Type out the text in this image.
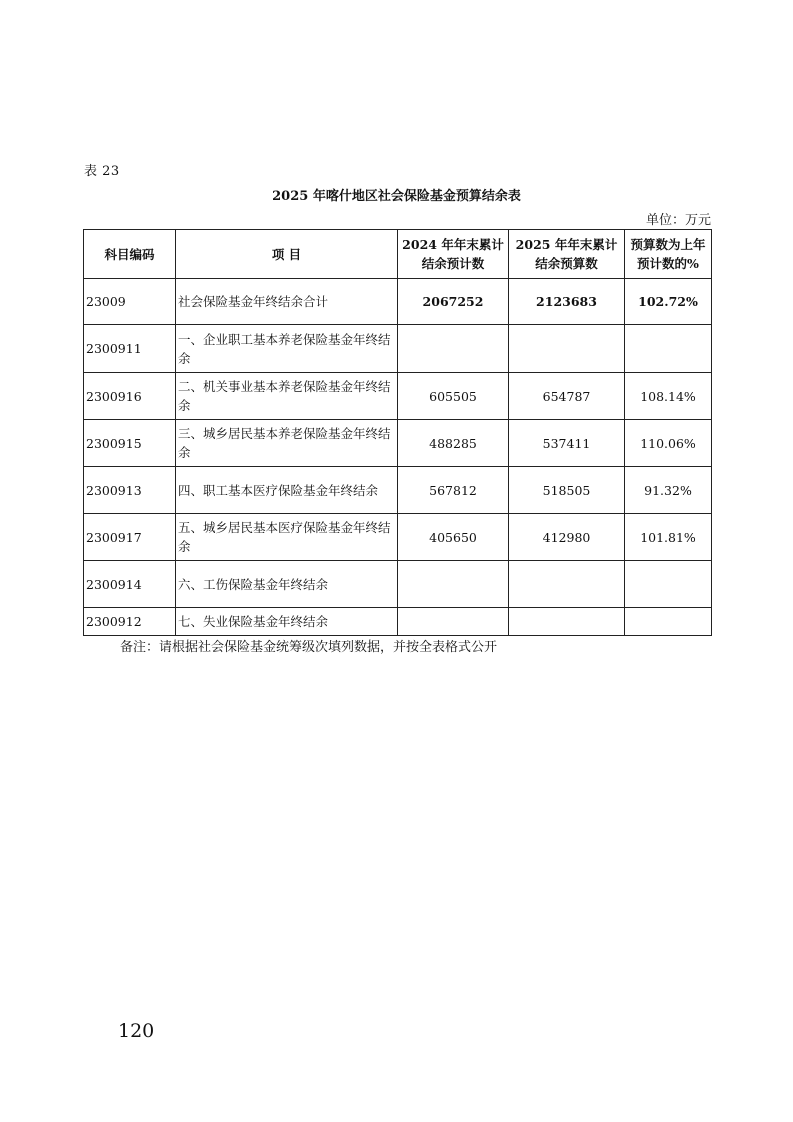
表 23
2025 年喀什地区社会保险基金预算结余表
单位：万元
科目编码	项 目	2024 年年末累计结余预计数	2025 年年末累计结余预算数	预算数为上年预计数的%
23009	社会保险基金年终结余合计	2067252	2123683	102.72%
2300911	一、企业职工基本养老保险基金年终结余			
2300916	二、机关事业基本养老保险基金年终结余	605505	654787	108.14%
2300915	三、城乡居民基本养老保险基金年终结余	488285	537411	110.06%
2300913	四、职工基本医疗保险基金年终结余	567812	518505	91.32%
2300917	五、城乡居民基本医疗保险基金年终结余	405650	412980	101.81%
2300914	六、工伤保险基金年终结余			
2300912	七、失业保险基金年终结余			
备注：请根据社会保险基金统筹级次填列数据，并按全表格式公开
120
